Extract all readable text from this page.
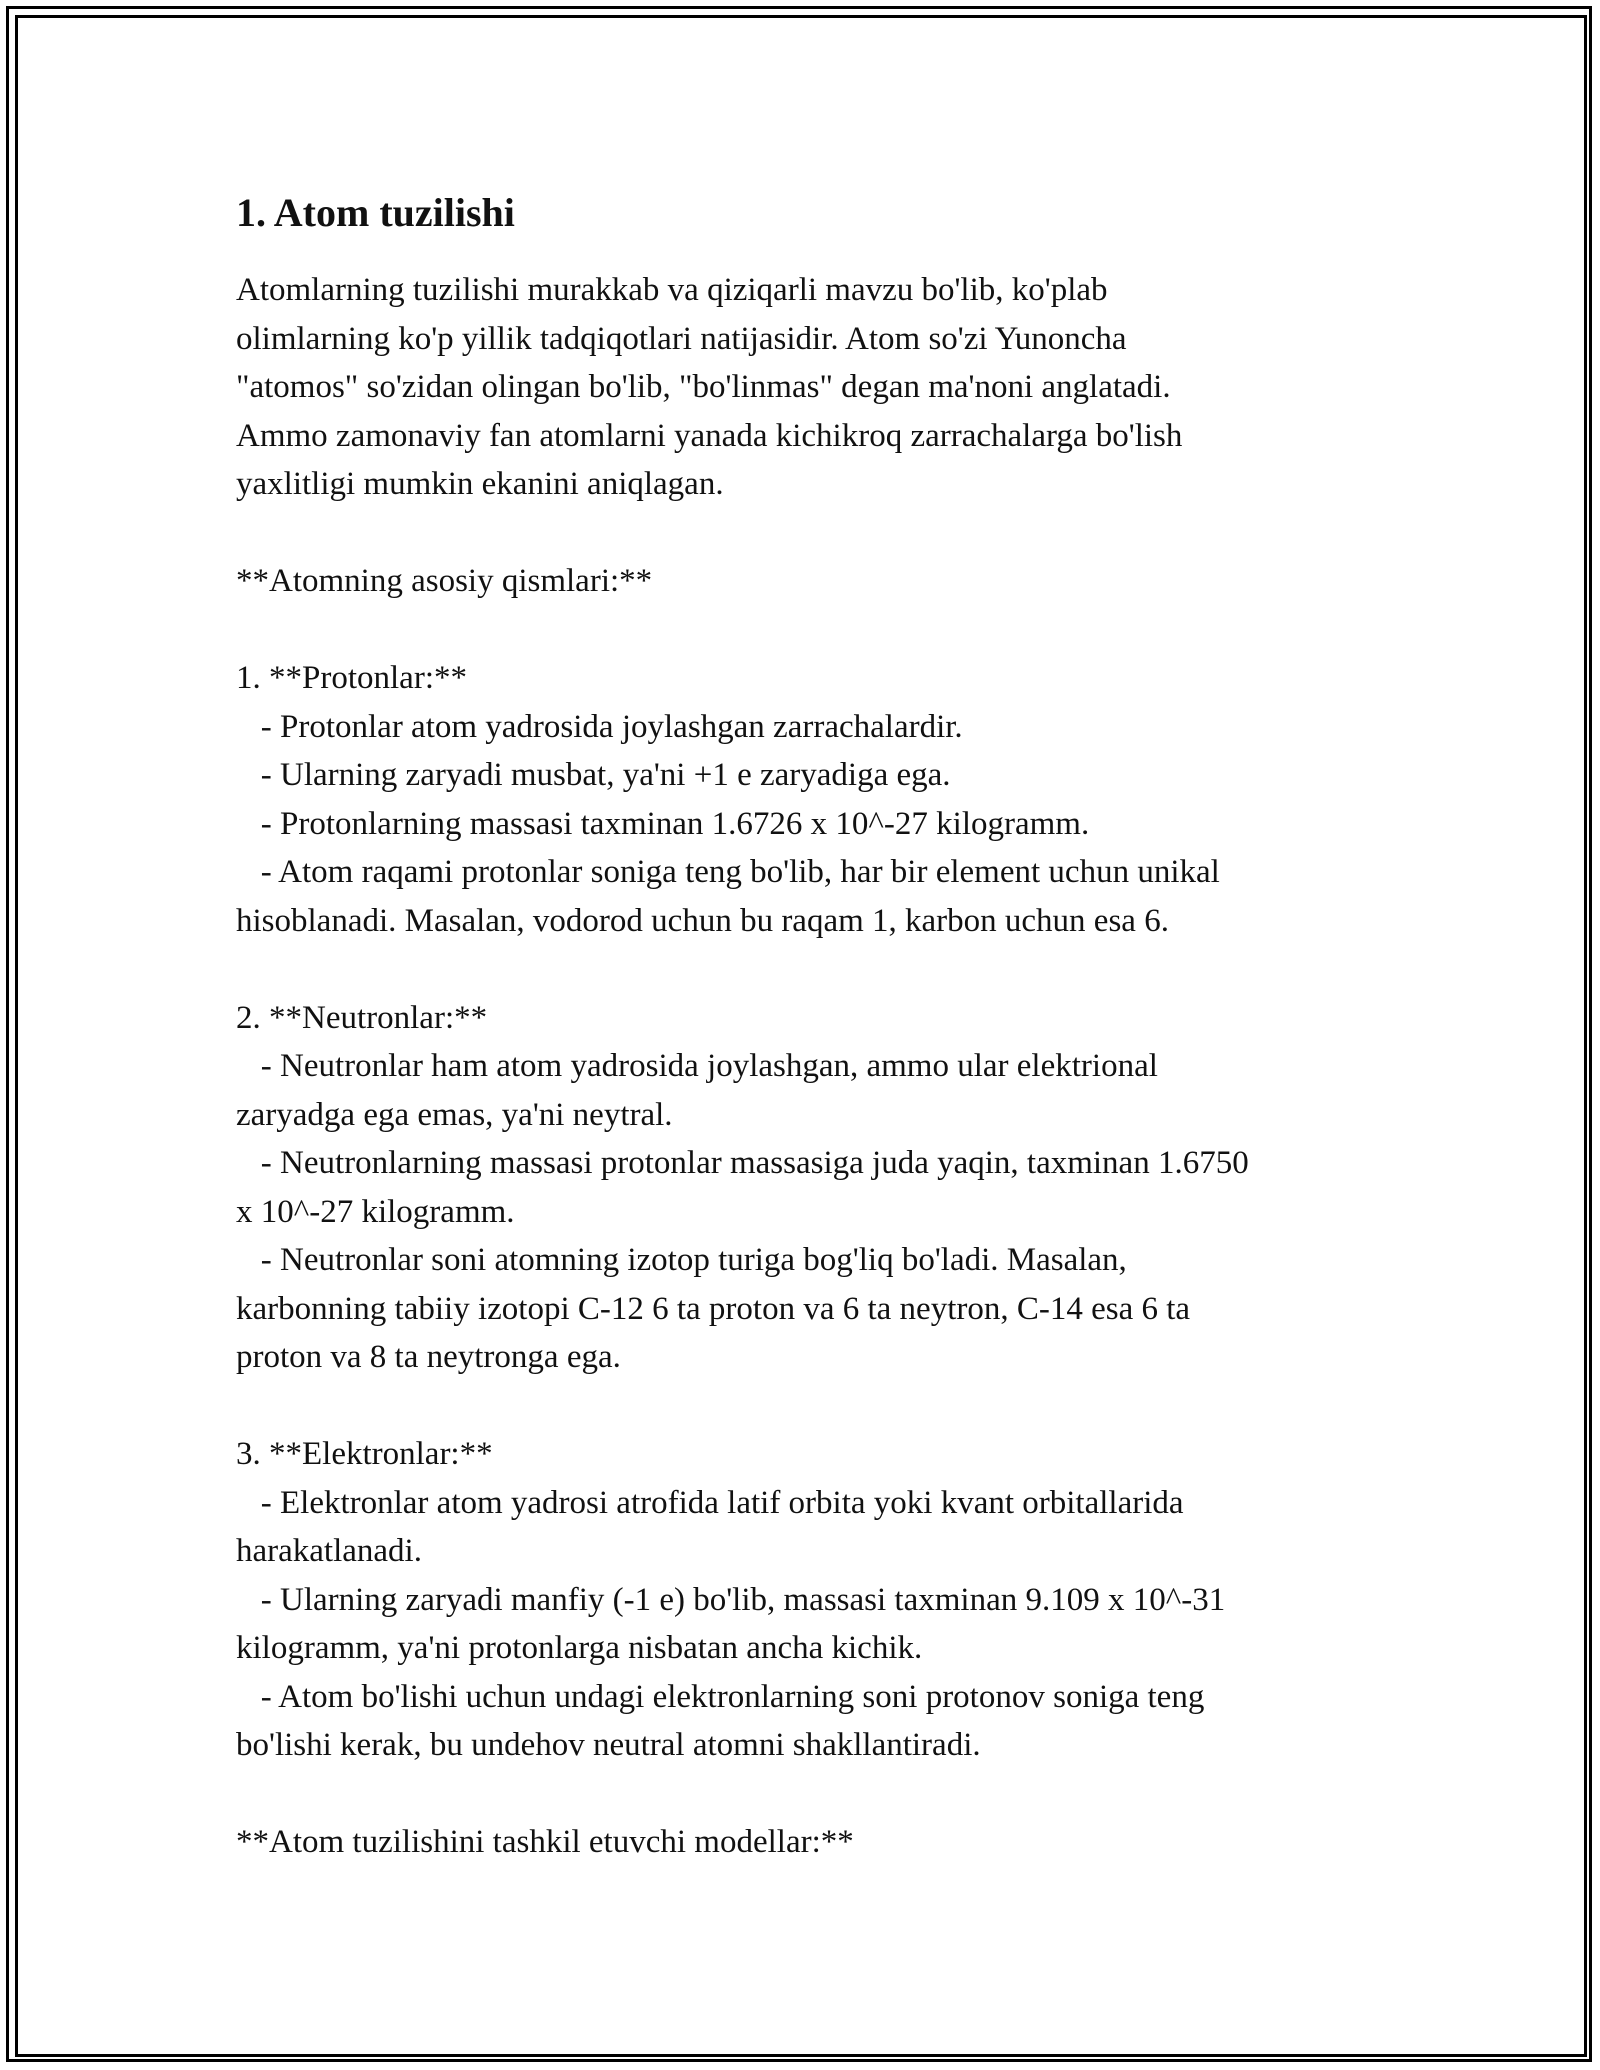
1. Atom tuzilishi

Atomlarning tuzilishi murakkab va qiziqarli mavzu bo'lib, ko'plab
olimlarning ko'p yillik tadqiqotlari natijasidir. Atom so'zi Yunoncha
"atomos" so'zidan olingan bo'lib, "bo'linmas" degan ma'noni anglatadi.
Ammo zamonaviy fan atomlarni yanada kichikroq zarrachalarga bo'lish
yaxlitligi mumkin ekanini aniqlagan.

**Atomning asosiy qismlari:**

1. **Protonlar:**

- Protonlar atom yadrosida joylashgan zarrachalardir.

- Ularning zaryadi musbat, ya'ni +1 e zaryadiga ega.

- Protonlarning massasi taxminan 1.6726 x 10^-27 kilogramm.

- Atom raqami protonlar soniga teng bo'lib, har bir element uchun unikal
hisoblanadi. Masalan, vodorod uchun bu raqam 1, karbon uchun esa 6.

2. **Neutronlar:**

- Neutronlar ham atom yadrosida joylashgan, ammo ular elektrional
zaryadga ega emas, ya'ni neytral.

- Neutronlarning massasi protonlar massasiga juda yaqin, taxminan 1.6750
x 10^-27 kilogramm.

- Neutronlar soni atomning izotop turiga bog'liq bo'ladi. Masalan,
karbonning tabiiy izotopi C-12 6 ta proton va 6 ta neytron, C-14 esa 6 ta
proton va 8 ta neytronga ega.

3. **Elektronlar:**

- Elektronlar atom yadrosi atrofida latif orbita yoki kvant orbitallarida
harakatlanadi.

- Ularning zaryadi manfiy (-1 e) bo'lib, massasi taxminan 9.109 x 10^-31
kilogramm, ya'ni protonlarga nisbatan ancha kichik.

- Atom bo'lishi uchun undagi elektronlarning soni protonov soniga teng
bo'lishi kerak, bu undehov neutral atomni shakllantiradi.

**Atom tuzilishini tashkil etuvchi modellar:**
